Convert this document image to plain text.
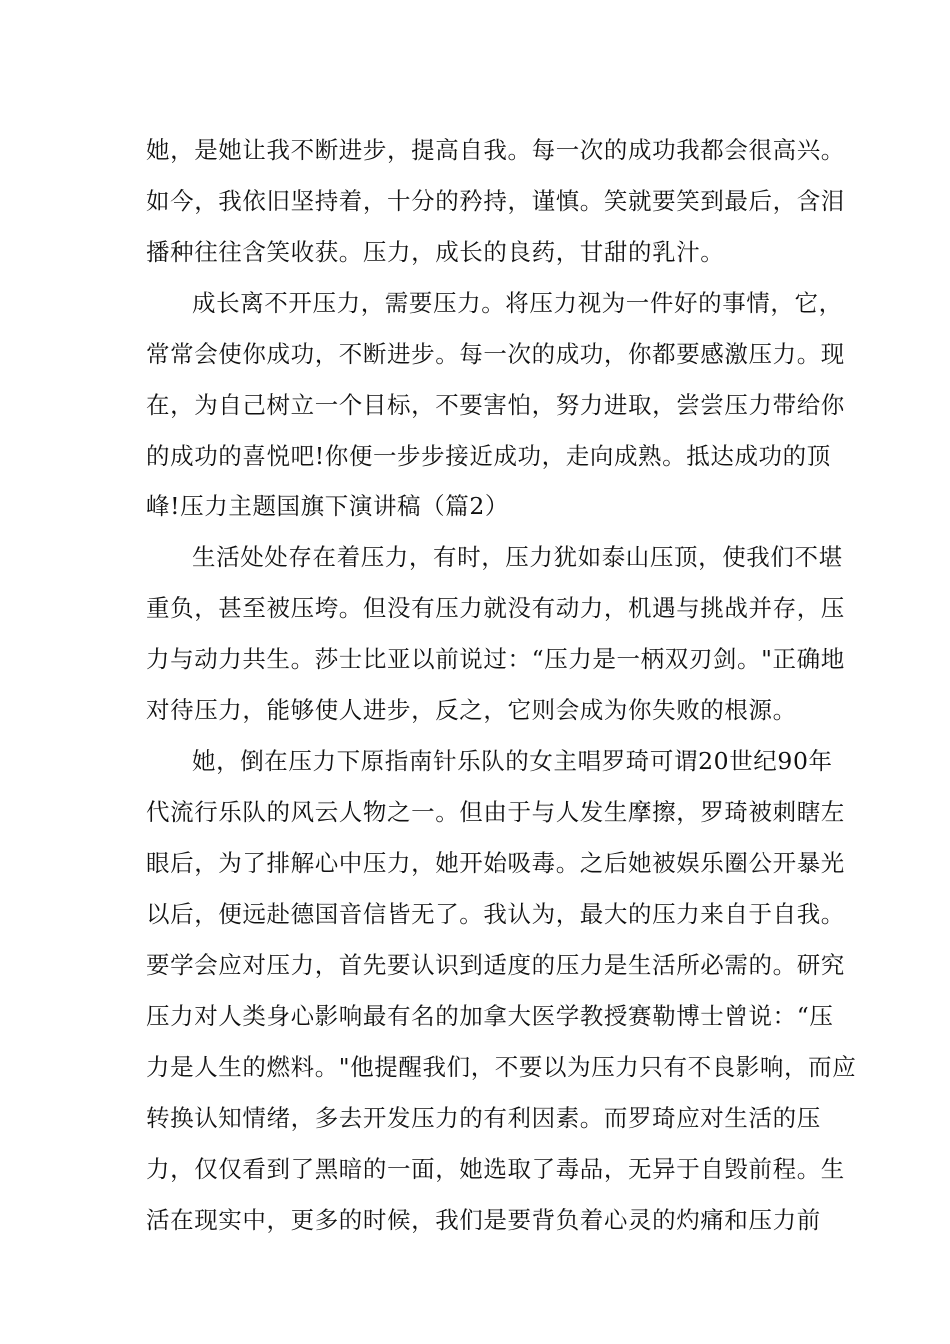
她，是她让我不断进步，提高自我。每一次的成功我都会很高兴。
如今，我依旧坚持着，十分的矜持，谨慎。笑就要笑到最后，含泪
播种往往含笑收获。压力，成长的良药，甘甜的乳汁。
成长离不开压力，需要压力。将压力视为一件好的事情，它，
常常会使你成功，不断进步。每一次的成功，你都要感激压力。现
在，为自己树立一个目标，不要害怕，努力进取，尝尝压力带给你
的成功的喜悦吧!你便一步步接近成功，走向成熟。抵达成功的顶
峰!压力主题国旗下演讲稿（篇2）
生活处处存在着压力，有时，压力犹如泰山压顶，使我们不堪
重负，甚至被压垮。但没有压力就没有动力，机遇与挑战并存，压
力与动力共生。莎士比亚以前说过：“压力是一柄双刃剑。"正确地
对待压力，能够使人进步，反之，它则会成为你失败的根源。
她，倒在压力下原指南针乐队的女主唱罗琦可谓20世纪90年
代流行乐队的风云人物之一。但由于与人发生摩擦，罗琦被刺瞎左
眼后，为了排解心中压力，她开始吸毒。之后她被娱乐圈公开暴光
以后，便远赴德国音信皆无了。我认为，最大的压力来自于自我。
要学会应对压力，首先要认识到适度的压力是生活所必需的。研究
压力对人类身心影响最有名的加拿大医学教授赛勒博士曾说：“压
力是人生的燃料。"他提醒我们，不要以为压力只有不良影响，而应
转换认知情绪，多去开发压力的有利因素。而罗琦应对生活的压
力，仅仅看到了黑暗的一面，她选取了毒品，无异于自毁前程。生
活在现实中，更多的时候，我们是要背负着心灵的灼痛和压力前
